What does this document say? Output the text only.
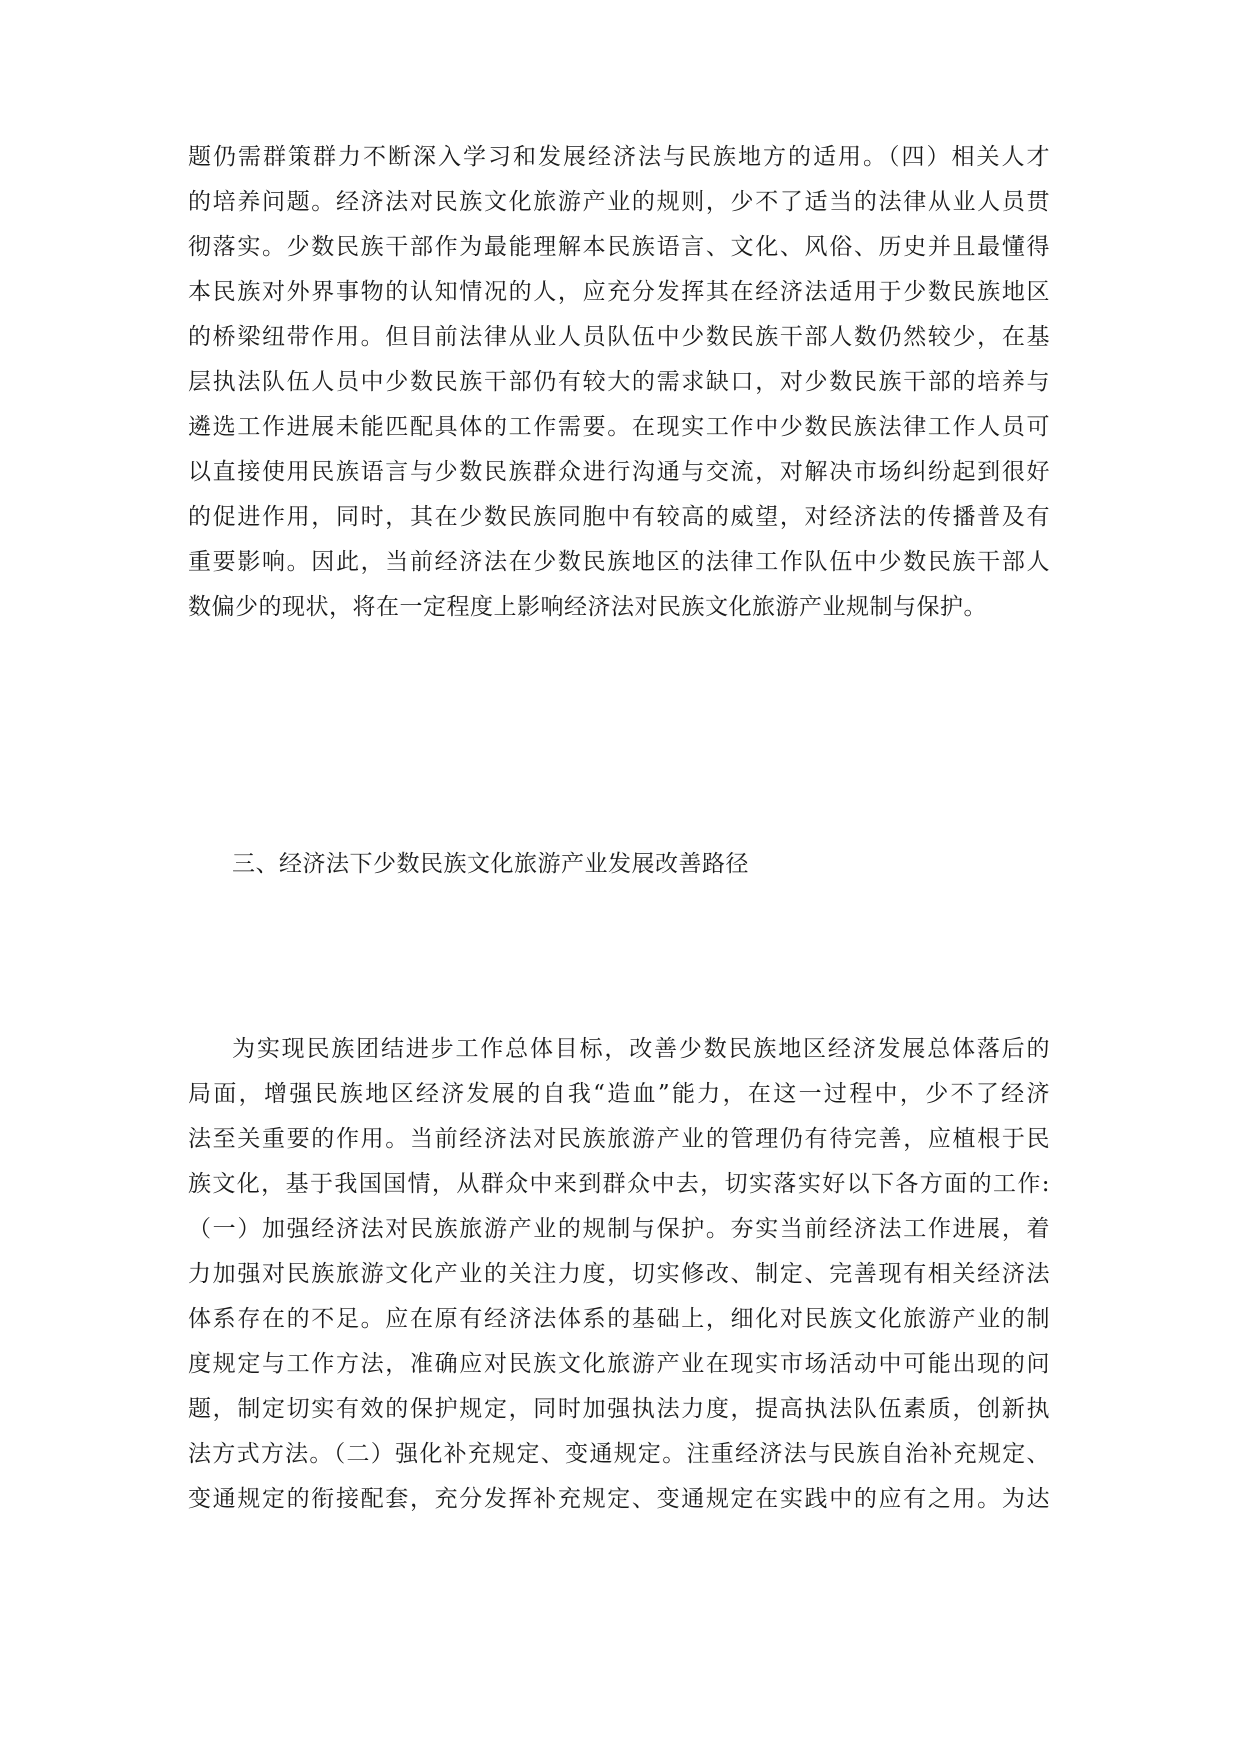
题仍需群策群力不断深入学习和发展经济法与民族地方的适用。（四）相关人才
的培养问题。经济法对民族文化旅游产业的规则，少不了适当的法律从业人员贯
彻落实。少数民族干部作为最能理解本民族语言、文化、风俗、历史并且最懂得
本民族对外界事物的认知情况的人，应充分发挥其在经济法适用于少数民族地区
的桥梁纽带作用。但目前法律从业人员队伍中少数民族干部人数仍然较少，在基
层执法队伍人员中少数民族干部仍有较大的需求缺口，对少数民族干部的培养与
遴选工作进展未能匹配具体的工作需要。在现实工作中少数民族法律工作人员可
以直接使用民族语言与少数民族群众进行沟通与交流，对解决市场纠纷起到很好
的促进作用，同时，其在少数民族同胞中有较高的威望，对经济法的传播普及有
重要影响。因此，当前经济法在少数民族地区的法律工作队伍中少数民族干部人
数偏少的现状，将在一定程度上影响经济法对民族文化旅游产业规制与保护。
三、经济法下少数民族文化旅游产业发展改善路径
为实现民族团结进步工作总体目标，改善少数民族地区经济发展总体落后的
局面，增强民族地区经济发展的自我“造血”能力，在这一过程中，少不了经济
法至关重要的作用。当前经济法对民族旅游产业的管理仍有待完善，应植根于民
族文化，基于我国国情，从群众中来到群众中去，切实落实好以下各方面的工作:
（一）加强经济法对民族旅游产业的规制与保护。夯实当前经济法工作进展，着
力加强对民族旅游文化产业的关注力度，切实修改、制定、完善现有相关经济法
体系存在的不足。应在原有经济法体系的基础上，细化对民族文化旅游产业的制
度规定与工作方法，准确应对民族文化旅游产业在现实市场活动中可能出现的问
题，制定切实有效的保护规定，同时加强执法力度，提高执法队伍素质，创新执
法方式方法。（二）强化补充规定、变通规定。注重经济法与民族自治补充规定、
变通规定的衔接配套，充分发挥补充规定、变通规定在实践中的应有之用。为达
